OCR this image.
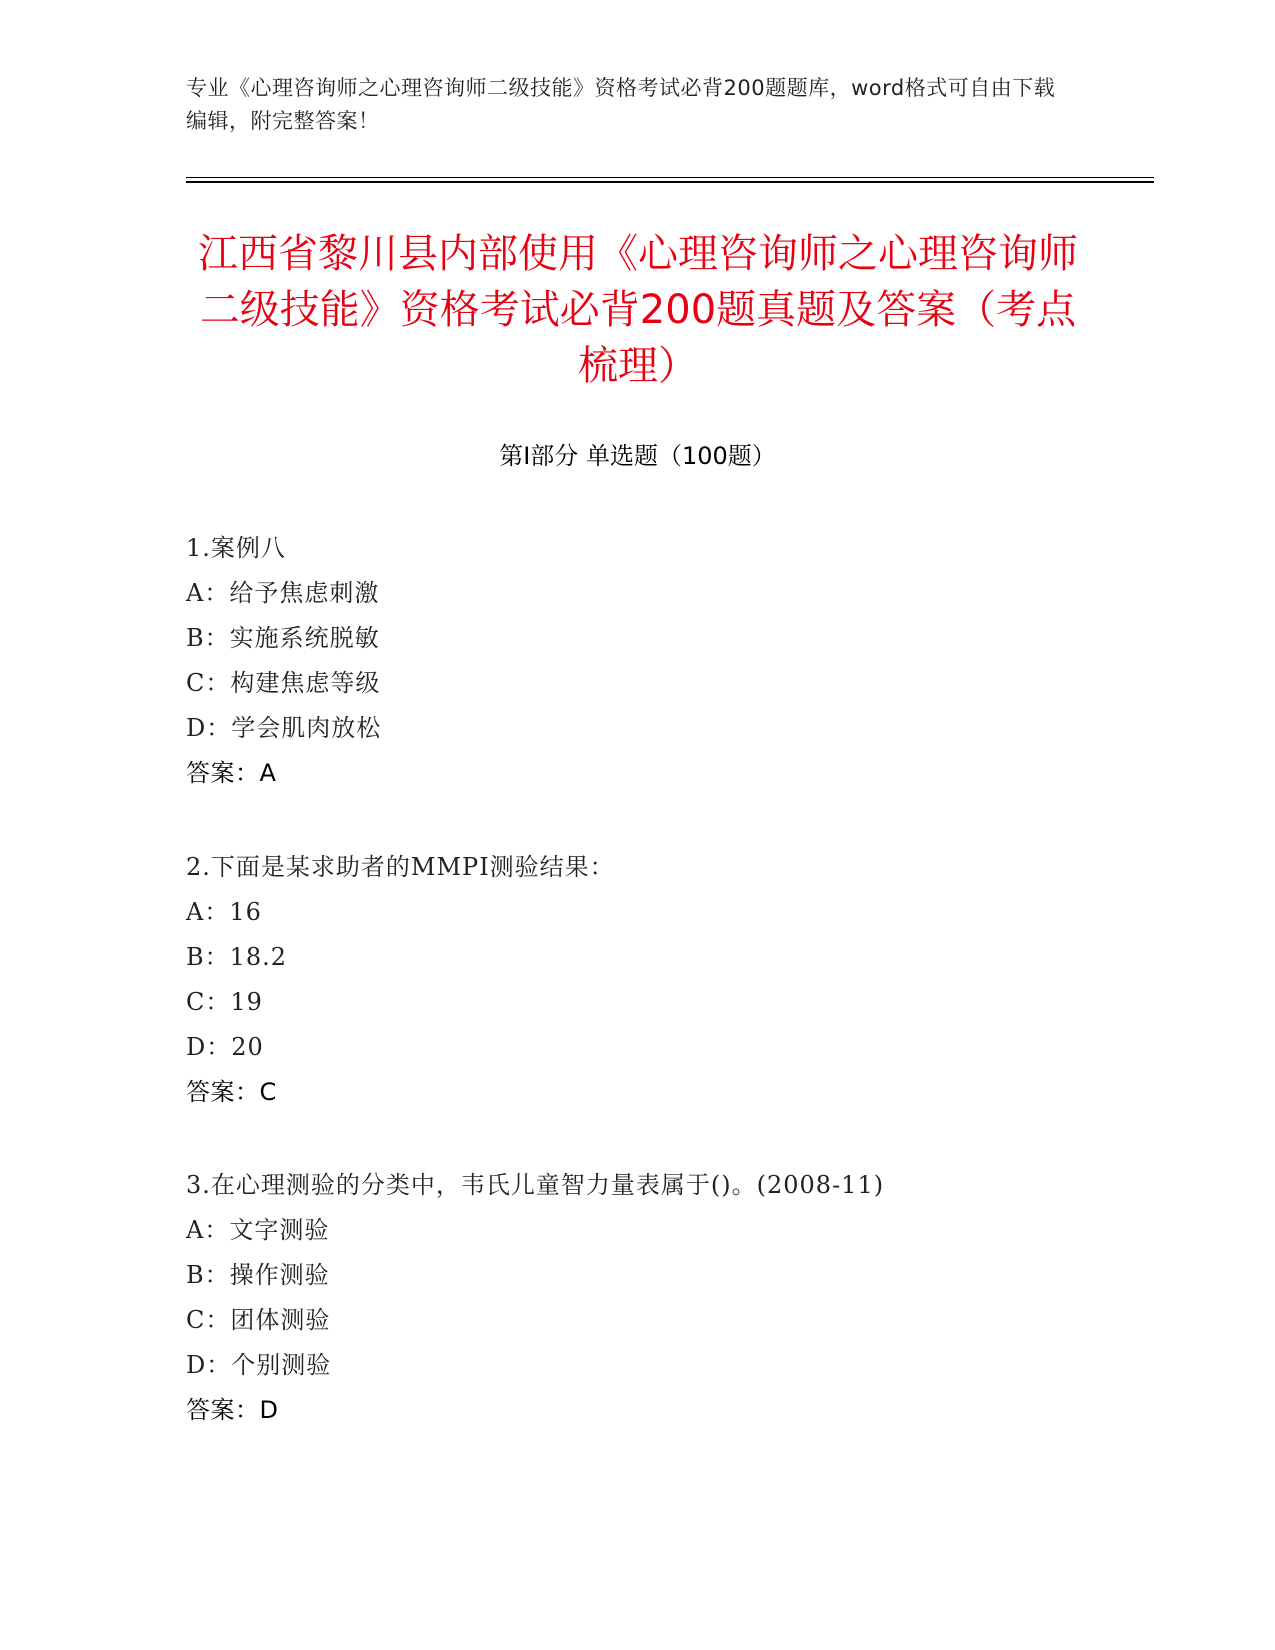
专业《心理咨询师之心理咨询师二级技能》资格考试必背200题题库，word格式可自由下载编辑，附完整答案！
江西省黎川县内部使用《心理咨询师之心理咨询师二级技能》资格考试必背200题真题及答案（考点梳理）
第Ⅰ部分 单选题（100题）
1.案例八
A：给予焦虑刺激
B：实施系统脱敏
C：构建焦虑等级
D：学会肌肉放松
答案：A
2.下面是某求助者的MMPI测验结果：
A：16
B：18.2
C：19
D：20
答案：C
3.在心理测验的分类中，韦氏儿童智力量表属于()。(2008-11)
A：文字测验
B：操作测验
C：团体测验
D：个别测验
答案：D
